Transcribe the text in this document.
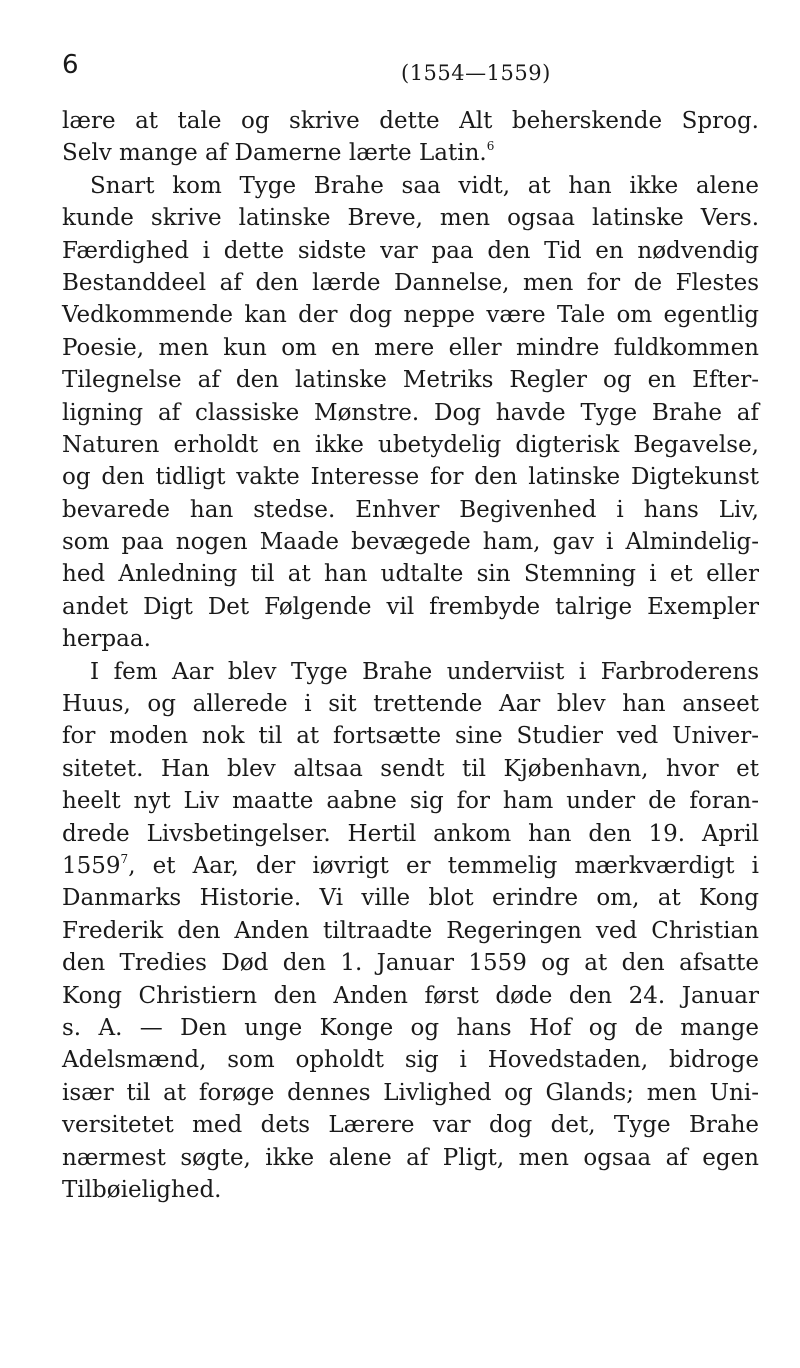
6	(1554—1559)
lære at tale og skrive dette Alt beherskende Sprog.
Selv mange af Damerne lærte Latin.$^6$
Snart kom Tyge Brahe saa vidt, at han ikke alene
kunde skrive latinske Breve, men ogsaa latinske Vers.
Færdighed i dette sidste var paa den Tid en nødvendig
Bestanddeel af den lærde Dannelse, men for de Flestes
Vedkommende kan der dog neppe være Tale om egentlig
Poesie, men kun om en mere eller mindre fuldkommen
Tilegnelse af den latinske Metriks Regler og en Efter-
ligning af classiske Mønstre. Dog havde Tyge Brahe af
Naturen erholdt en ikke ubetydelig digterisk Begavelse,
og den tidligt vakte Interesse for den latinske Digtekunst
bevarede han stedse. Enhver Begivenhed i hans Liv,
som paa nogen Maade bevægede ham, gav i Almindelig-
hed Anledning til at han udtalte sin Stemning i et eller
andet Digt Det Følgende vil frembyde talrige Exempler
herpaa.
I fem Aar blev Tyge Brahe underviist i Farbroderens
Huus, og allerede i sit trettende Aar blev han anseet
for moden nok til at fortsætte sine Studier ved Univer-
sitetet. Han blev altsaa sendt til Kjøbenhavn, hvor et
heelt nyt Liv maatte aabne sig for ham under de foran-
drede Livsbetingelser. Hertil ankom han den 19. April
1559$^7$, et Aar, der iøvrigt er temmelig mærkværdigt i
Danmarks Historie. Vi ville blot erindre om, at Kong
Frederik den Anden tiltraadte Regeringen ved Christian
den Tredies Død den 1. Januar 1559 og at den afsatte
Kong Christiern den Anden først døde den 24. Januar
s. A. — Den unge Konge og hans Hof og de mange
Adelsmænd, som opholdt sig i Hovedstaden, bidroge
især til at forøge dennes Livlighed og Glands; men Uni-
versitetet med dets Lærere var dog det, Tyge Brahe
nærmest søgte, ikke alene af Pligt, men ogsaa af egen
Tilbøielighed.
